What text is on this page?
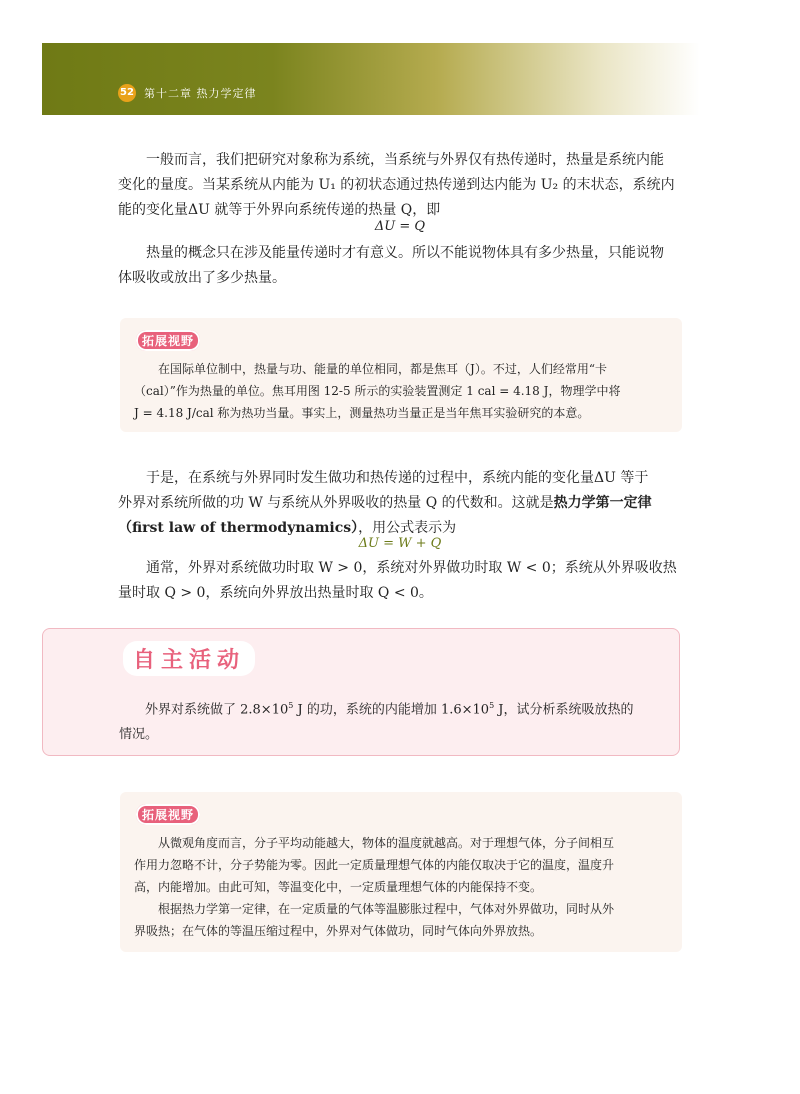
52 第十二章 热力学定律
一般而言，我们把研究对象称为系统，当系统与外界仅有热传递时，热量是系统内能
变化的量度。当某系统从内能为 U₁ 的初状态通过热传递到达内能为 U₂ 的末状态，系统内
能的变化量ΔU 就等于外界向系统传递的热量 Q，即
ΔU = Q
热量的概念只在涉及能量传递时才有意义。所以不能说物体具有多少热量，只能说物
体吸收或放出了多少热量。
拓展视野
在国际单位制中，热量与功、能量的单位相同，都是焦耳（J）。不过，人们经常用“卡
（cal）”作为热量的单位。焦耳用图 12-5 所示的实验装置测定 1 cal = 4.18 J，物理学中将
J = 4.18 J/cal 称为热功当量。事实上，测量热功当量正是当年焦耳实验研究的本意。
于是，在系统与外界同时发生做功和热传递的过程中，系统内能的变化量ΔU 等于
外界对系统所做的功 W 与系统从外界吸收的热量 Q 的代数和。这就是热力学第一定律
（first law of thermodynamics），用公式表示为
ΔU = W + Q
通常，外界对系统做功时取 W > 0，系统对外界做功时取 W < 0；系统从外界吸收热
量时取 Q > 0，系统向外界放出热量时取 Q < 0。
自主活动
外界对系统做了 $2.8\times 10^5$ J 的功，系统的内能增加 $1.6\times 10^5$ J，试分析系统吸放热的
情况。
拓展视野
从微观角度而言，分子平均动能越大，物体的温度就越高。对于理想气体，分子间相互
作用力忽略不计，分子势能为零。因此一定质量理想气体的内能仅取决于它的温度，温度升
高，内能增加。由此可知，等温变化中，一定质量理想气体的内能保持不变。
根据热力学第一定律，在一定质量的气体等温膨胀过程中，气体对外界做功，同时从外
界吸热；在气体的等温压缩过程中，外界对气体做功，同时气体向外界放热。
